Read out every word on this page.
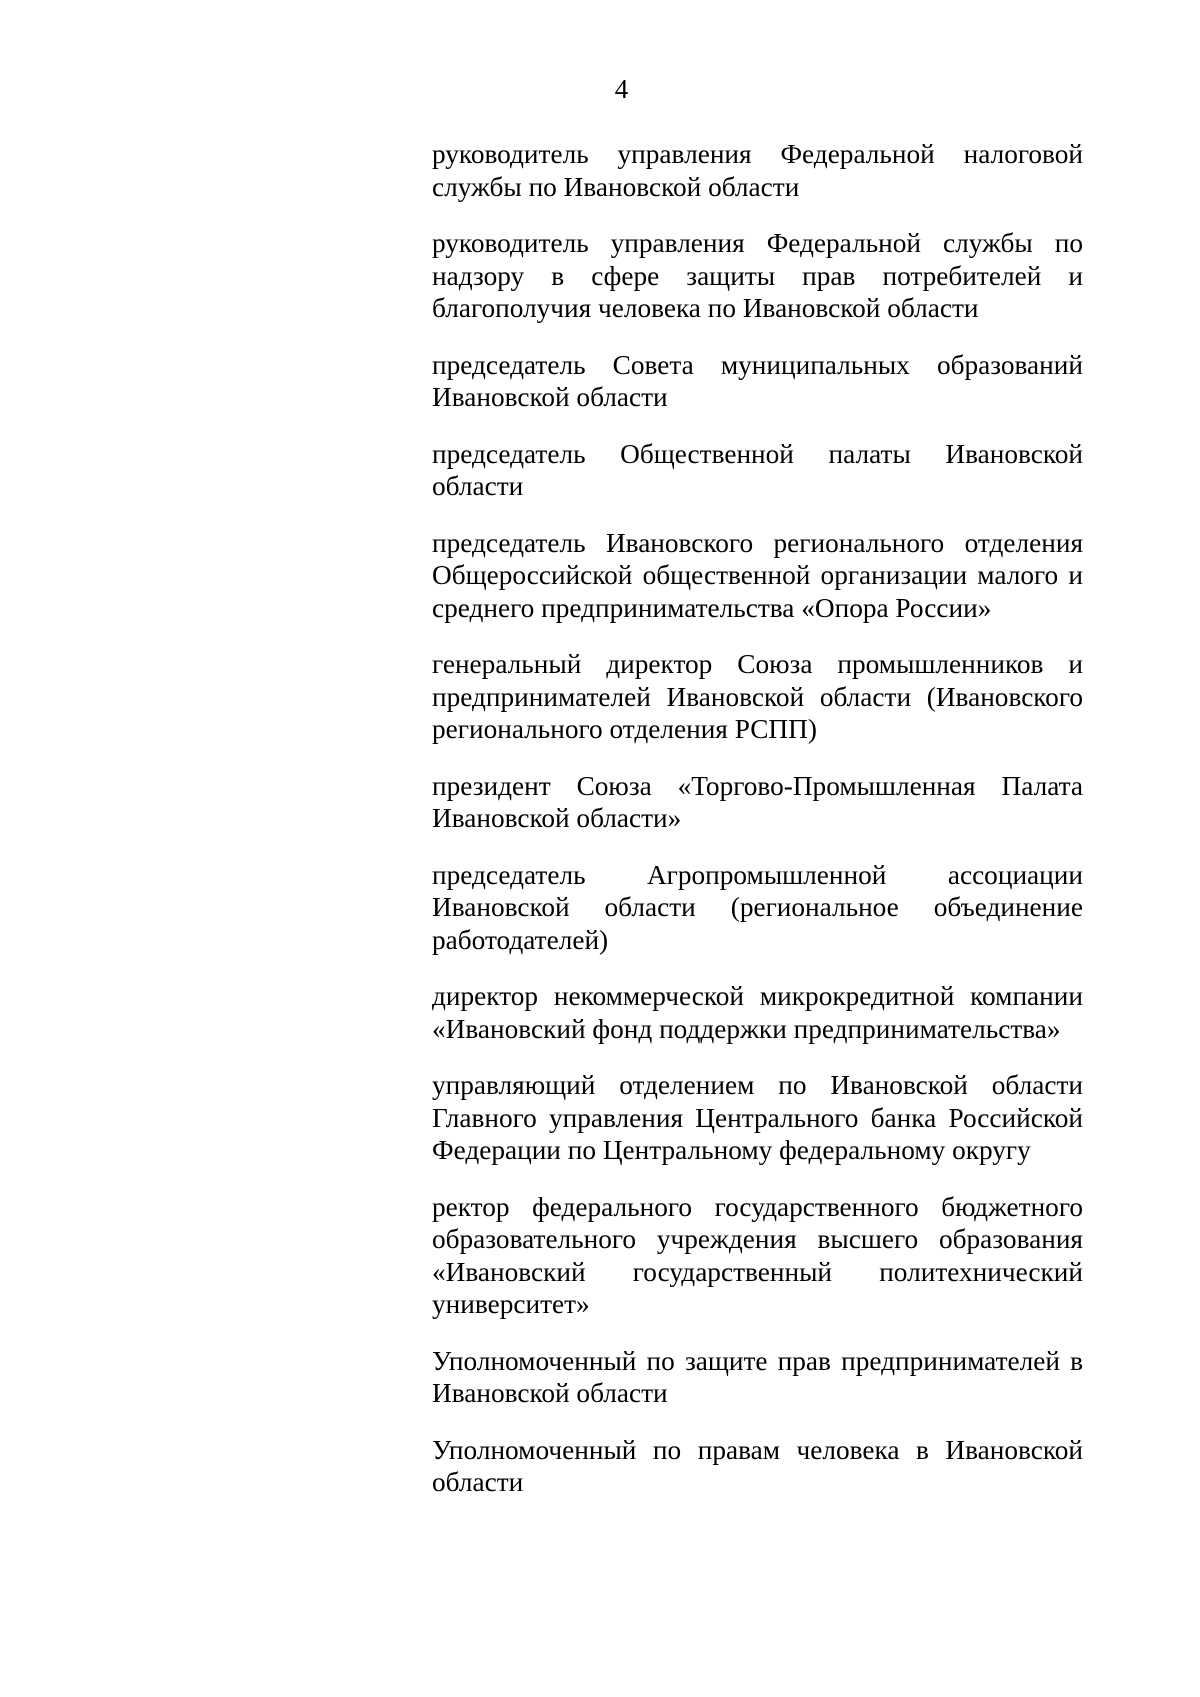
4

руководитель управления Федеральной налоговой службы по Ивановской области

руководитель управления Федеральной службы по надзору в сфере защиты прав потребителей и благополучия человека по Ивановской области

председатель Совета муниципальных образований Ивановской области

председатель Общественной палаты Ивановской области

председатель Ивановского регионального отделения Общероссийской общественной организации малого и среднего предпринимательства «Опора России»

генеральный директор Союза промышленников и предпринимателей Ивановской области (Ивановского регионального отделения РСПП)

президент Союза «Торгово-Промышленная Палата Ивановской области»

председатель Агропромышленной ассоциации Ивановской области (региональное объединение работодателей)

директор некоммерческой микрокредитной компании «Ивановский фонд поддержки предпринимательства»

управляющий отделением по Ивановской области Главного управления Центрального банка Российской Федерации по Центральному федеральному округу

ректор федерального государственного бюджетного образовательного учреждения высшего образования «Ивановский государственный политехнический университет»

Уполномоченный по защите прав предпринимателей в Ивановской области

Уполномоченный по правам человека в Ивановской области
